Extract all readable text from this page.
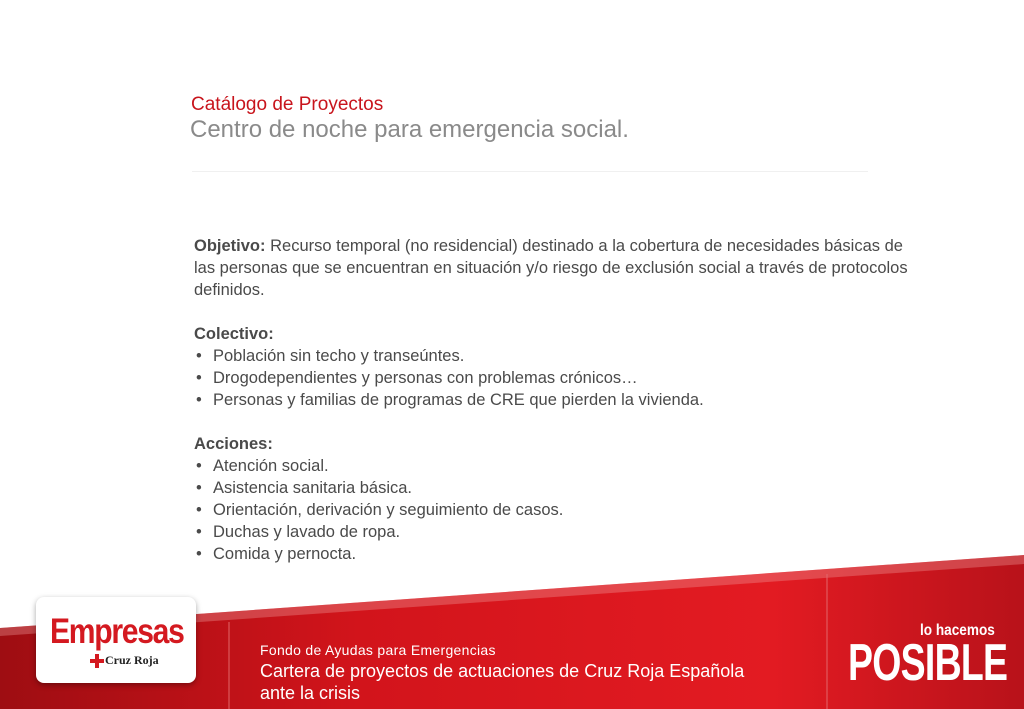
Catálogo de Proyectos
Centro de noche para emergencia social.

Objetivo: Recurso temporal (no residencial) destinado a la cobertura de necesidades básicas de las personas que se encuentran en situación y/o riesgo de exclusión social a través de protocolos definidos.

Colectivo:

• Población sin techo y transeúntes.
• Drogodependientes y personas con problemas crónicos…
• Personas y familias de programas de CRE que pierden la vivienda.

Acciones:

• Atención social.
• Asistencia sanitaria básica.
• Orientación, derivación y seguimiento de casos.
• Duchas y lavado de ropa.
• Comida y pernocta.
Empresas
Cruz Roja
Fondo de Ayudas para Emergencias
Cartera de proyectos de actuaciones de Cruz Roja Española
ante la crisis
lo hacemos
POSIBLE
